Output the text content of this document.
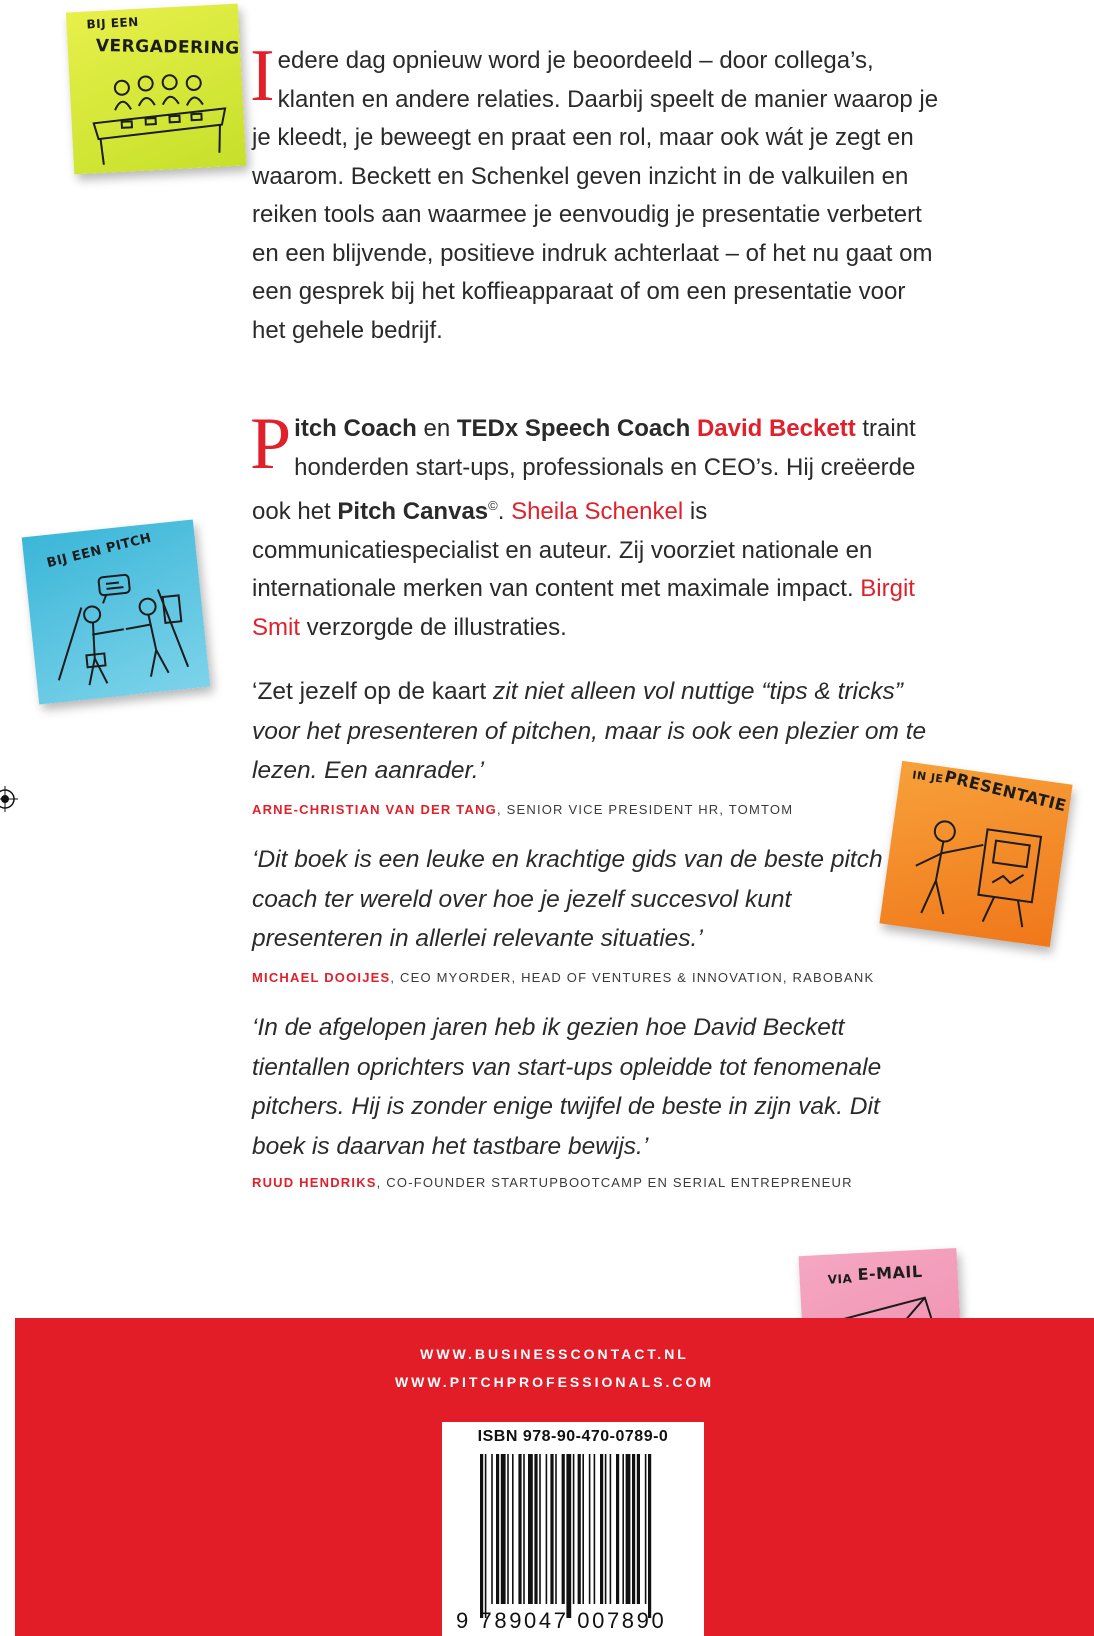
BIJ EEN
VERGADERING
BIJ EEN PITCH
IN JE
PRESENTATIE
VIA E-MAIL
Iedere dag opnieuw word je beoordeeld – door collega’s, klanten en andere relaties. Daarbij speelt de manier waarop je je kleedt, je beweegt en praat een rol, maar ook wát je zegt en waarom. Beckett en Schenkel geven inzicht in de valkuilen en reiken tools aan waarmee je eenvoudig je presentatie verbetert en een blijvende, positieve indruk achterlaat – of het nu gaat om een gesprek bij het koffieapparaat of om een presentatie voor het gehele bedrijf.
Pitch Coach en TEDx Speech Coach David Beckett traint honderden start-ups, professionals en CEO’s. Hij creëerde ook het Pitch Canvas©. Sheila Schenkel is communicatiespecialist en auteur. Zij voorziet nationale en internationale merken van content met maximale impact. Birgit Smit verzorgde de illustraties.
‘Zet jezelf op de kaart zit niet alleen vol nuttige “tips & tricks” voor het presenteren of pitchen, maar is ook een plezier om te lezen. Een aanrader.’
ARNE-CHRISTIAN VAN DER TANG, SENIOR VICE PRESIDENT HR, TOMTOM
‘Dit boek is een leuke en krachtige gids van de beste pitch coach ter wereld over hoe je jezelf succesvol kunt presenteren in allerlei relevante situaties.’
MICHAEL DOOIJES, CEO MYORDER, HEAD OF VENTURES & INNOVATION, RABOBANK
‘In de afgelopen jaren heb ik gezien hoe David Beckett tientallen oprichters van start-ups opleidde tot fenomenale pitchers. Hij is zonder enige twijfel de beste in zijn vak. Dit boek is daarvan het tastbare bewijs.’
RUUD HENDRIKS, CO-FOUNDER STARTUPBOOTCAMP EN SERIAL ENTREPRENEUR
WWW.BUSINESSCONTACT.NL
WWW.PITCHPROFESSIONALS.COM
ISBN 978-90-470-0789-0
9 789047 007890
